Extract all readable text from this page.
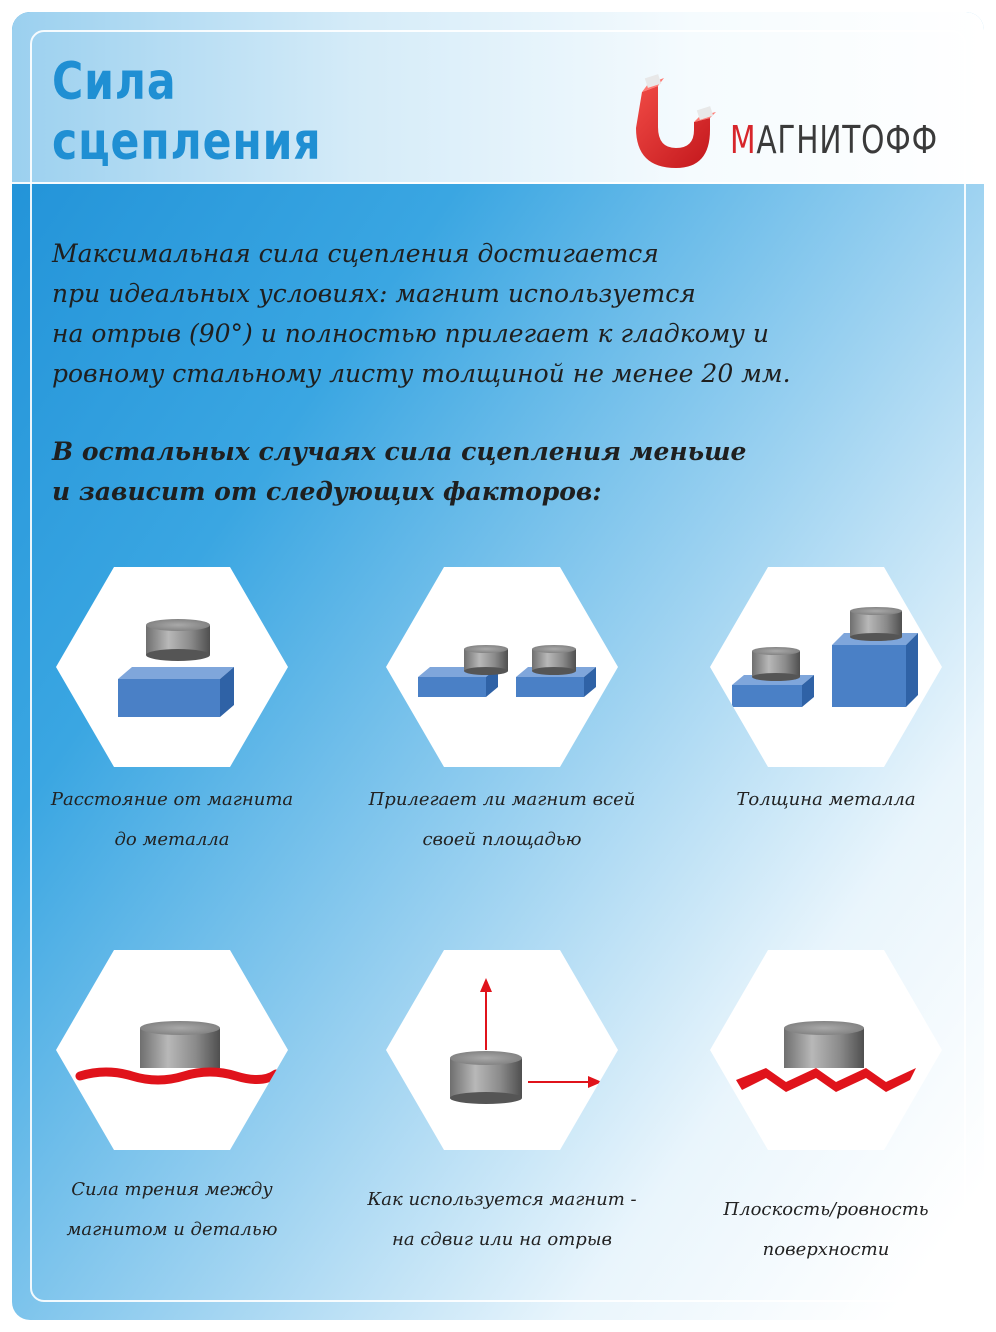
Сила
сцепления	МАГНИТОФФ

Максимальная сила сцепления достигается
при идеальных условиях: магнит используется
на отрыв (90°) и полностью прилегает к гладкому и
ровному стальному листу толщиной не менее 20 мм.

В остальных случаях сила сцепления меньше
и зависит от следующих факторов:

Расстояние от магнита
до металла

Прилегает ли магнит всей
своей площадью

Толщина металла

Сила трения между
магнитом и деталью

Как используется магнит -
на сдвиг или на отрыв

Плоскость/ровность
поверхности
